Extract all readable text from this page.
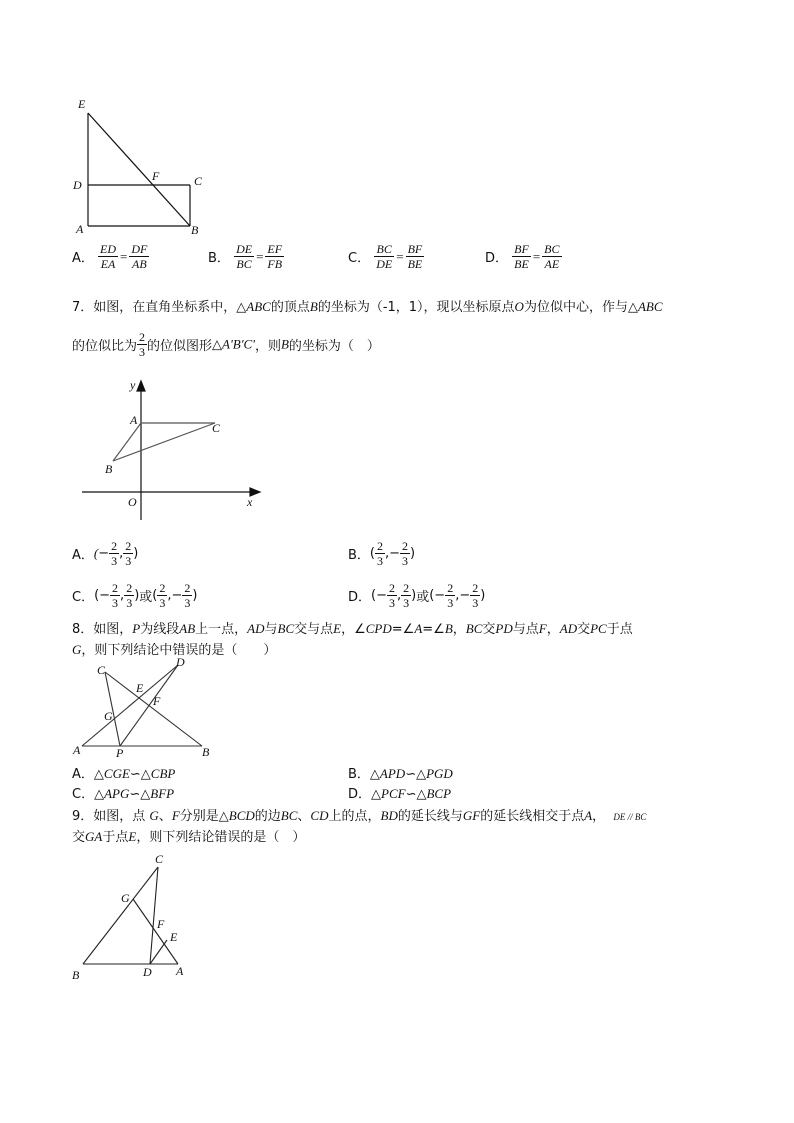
E
D
F	C
A	B
A． $\frac{ED}{EA} = \frac{DF}{AB}$	B． $\frac{DE}{BC} = \frac{EF}{FB}$	C． $\frac{BC}{DE} = \frac{BF}{BE}$	D． $\frac{BF}{BE} = \frac{BC}{AE}$
7．如图，在直角坐标系中，△ABC的顶点B的坐标为（-1，1），现以坐标原点O为位似中心，作与△ABC
的位似比为 $\frac{2}{3}$ 的位似图形△A'B'C'，则B的坐标为（　）
y
A
C
B
O	x
A．(− $\frac{2}{3}$ , $\frac{2}{3}$ )	B．( $\frac{2}{3}$ ,− $\frac{2}{3}$ )
C．(− $\frac{2}{3}$ , $\frac{2}{3}$ )或( $\frac{2}{3}$ ,− $\frac{2}{3}$ )	D．(− $\frac{2}{3}$ , $\frac{2}{3}$ )或(− $\frac{2}{3}$ ,− $\frac{2}{3}$ )
8．如图，P为线段AB上一点，AD与BC交与点E，∠CPD=∠A=∠B，BC交PD与点F，AD交PC于点
G，则下列结论中错误的是（　　）
C
D
E
F
G
A	P	B
A．△CGE∽△CBP	B．△APD∽△PGD
C．△APG∽△BFP	D．△PCF∽△BCP
9．如图，点 G、F分别是△BCD的边BC、CD上的点，BD的延长线与GF的延长线相交于点A， DE // BC
交GA于点E，则下列结论错误的是（　）
C
G
F
E
B	D A
